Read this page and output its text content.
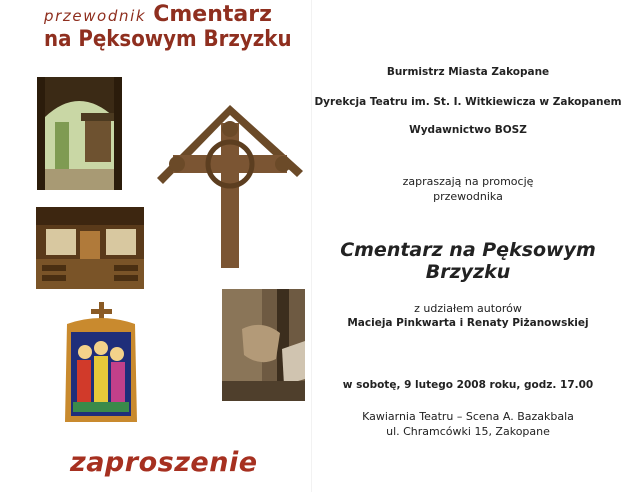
przewodnik Cmentarz
na Pęksowym Brzyzku
zaproszenie
Burmistrz Miasta Zakopane
Dyrekcja Teatru im. St. I. Witkiewicza w Zakopanem
Wydawnictwo BOSZ
zapraszają na promocję
przewodnika
Cmentarz na Pęksowym Brzyzku
z udziałem autorów
Macieja Pinkwarta i Renaty Piżanowskiej
w sobotę, 9 lutego 2008 roku, godz. 17.00
Kawiarnia Teatru – Scena A. Bazakbala
ul. Chramcówki 15, Zakopane
